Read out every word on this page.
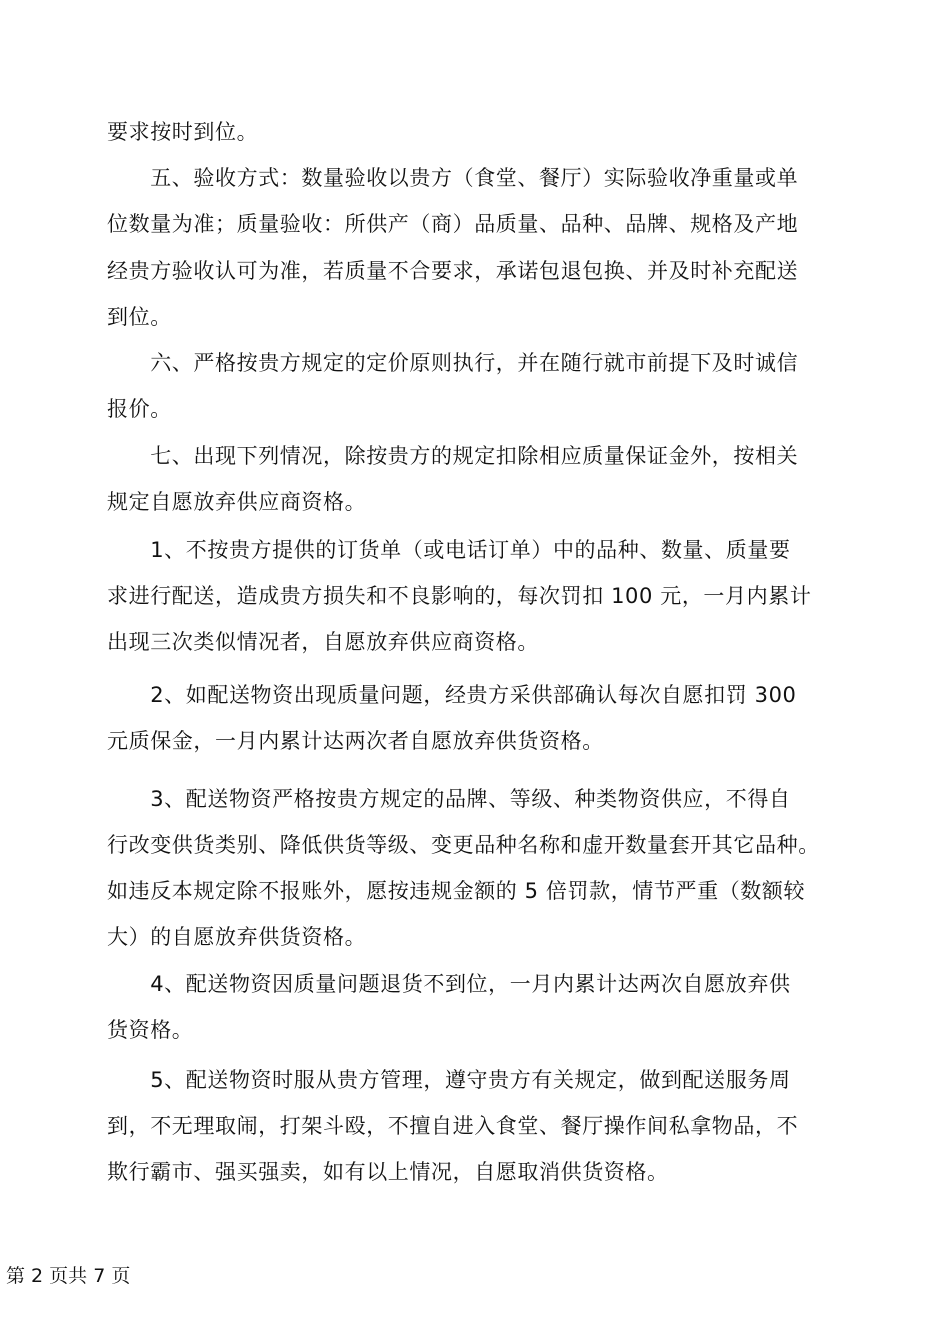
要求按时到位。
　　五、验收方式：数量验收以贵方（食堂、餐厅）实际验收净重量或单
位数量为准；质量验收：所供产（商）品质量、品种、品牌、规格及产地
经贵方验收认可为准，若质量不合要求，承诺包退包换、并及时补充配送
到位。
　　六、严格按贵方规定的定价原则执行，并在随行就市前提下及时诚信
报价。
　　七、出现下列情况，除按贵方的规定扣除相应质量保证金外，按相关
规定自愿放弃供应商资格。
　　1、不按贵方提供的订货单（或电话订单）中的品种、数量、质量要
求进行配送，造成贵方损失和不良影响的，每次罚扣 100 元，一月内累计
出现三次类似情况者，自愿放弃供应商资格。
　　2、如配送物资出现质量问题，经贵方采供部确认每次自愿扣罚 300
元质保金，一月内累计达两次者自愿放弃供货资格。
　　3、配送物资严格按贵方规定的品牌、等级、种类物资供应，不得自
行改变供货类别、降低供货等级、变更品种名称和虚开数量套开其它品种。
如违反本规定除不报账外，愿按违规金额的 5 倍罚款，情节严重（数额较
大）的自愿放弃供货资格。
　　4、配送物资因质量问题退货不到位，一月内累计达两次自愿放弃供
货资格。
　　5、配送物资时服从贵方管理，遵守贵方有关规定，做到配送服务周
到，不无理取闹，打架斗殴，不擅自进入食堂、餐厅操作间私拿物品，不
欺行霸市、强买强卖，如有以上情况，自愿取消供货资格。
第 2 页共 7 页
